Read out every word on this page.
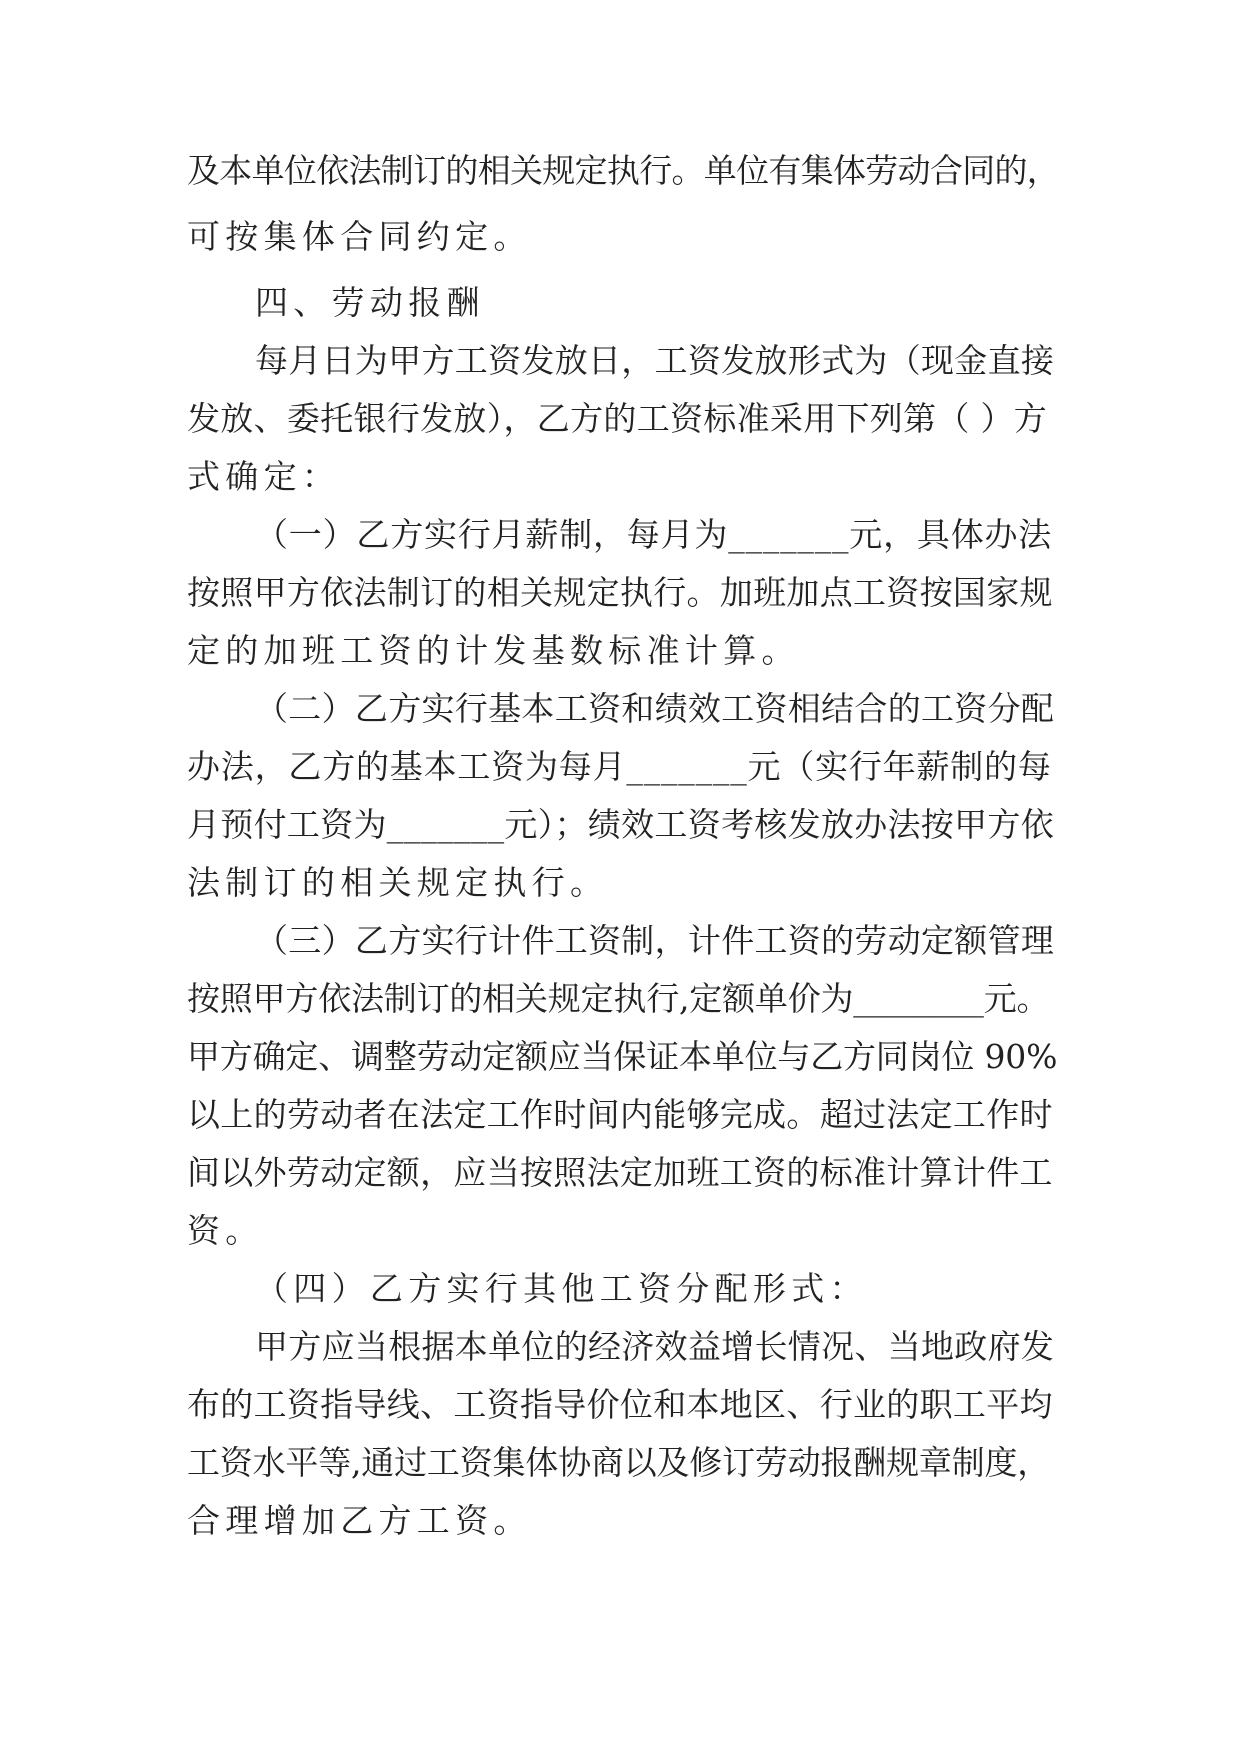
及本单位依法制订的相关规定执行。单位有集体劳动合同的，

可按集体合同约定。

四、劳动报酬

每月日为甲方工资发放日，工资发放形式为（现金直接

发放、委托银行发放），乙方的工资标准采用下列第（ ）方

式确定：

（一）乙方实行月薪制，每月为_______元，具体办法

按照甲方依法制订的相关规定执行。加班加点工资按国家规

定的加班工资的计发基数标准计算。

（二）乙方实行基本工资和绩效工资相结合的工资分配

办法，乙方的基本工资为每月_______元（实行年薪制的每

月预付工资为_______元）；绩效工资考核发放办法按甲方依

法制订的相关规定执行。

（三）乙方实行计件工资制，计件工资的劳动定额管理

按照甲方依法制订的相关规定执行,定额单价为________元。

甲方确定、调整劳动定额应当保证本单位与乙方同岗位 90%

以上的劳动者在法定工作时间内能够完成。超过法定工作时

间以外劳动定额，应当按照法定加班工资的标准计算计件工

资。

（四）乙方实行其他工资分配形式：

甲方应当根据本单位的经济效益增长情况、当地政府发

布的工资指导线、工资指导价位和本地区、行业的职工平均

工资水平等,通过工资集体协商以及修订劳动报酬规章制度，

合理增加乙方工资。
